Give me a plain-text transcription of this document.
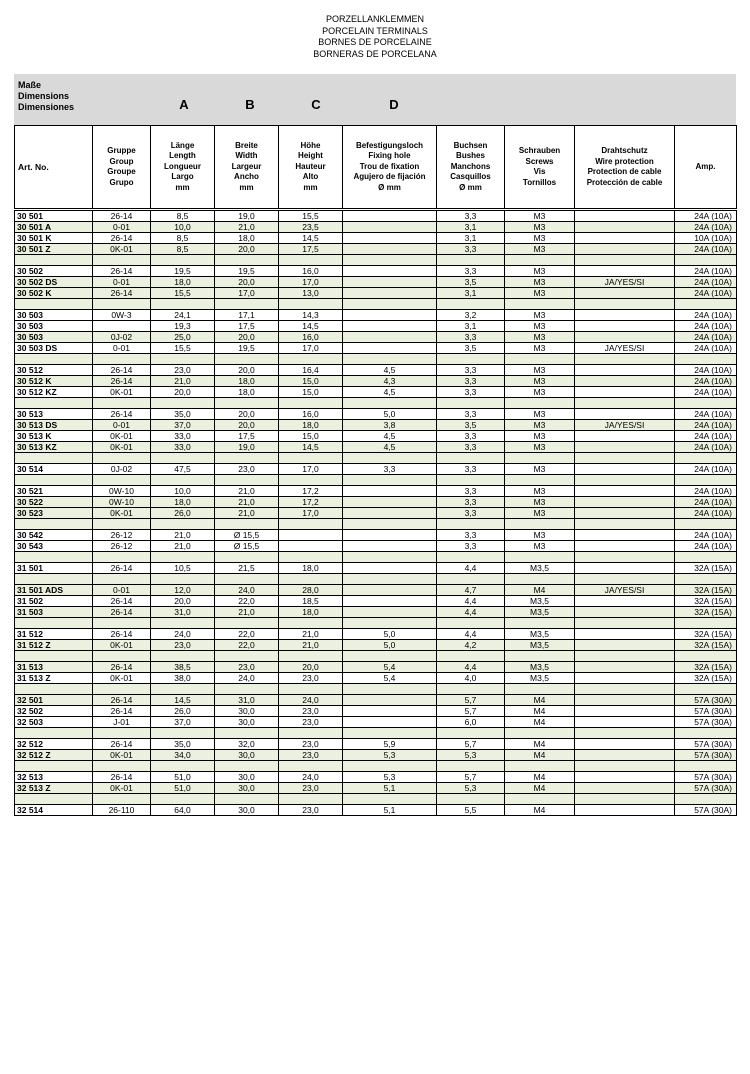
PORZELLANKLEMMEN
PORCELAIN TERMINALS
BORNES DE PORCELAINE
BORNERAS DE PORCELANA
Maße
Dimensions
Dimensiones	A	B	C	D
Art. No.	
Gruppe
Group
Groupe
Grupo

Länge
Length
Longueur
Largo
mm

Breite
Width
Largeur
Ancho
mm

Höhe
Height
Hauteur
Alto
mm

Befestigungsloch
Fixing hole
Trou de fixation
Agujero de fijación
Ø mm

Buchsen
Bushes
Manchons
Casquillos
Ø mm

Schrauben
Screws
Vis
Tornillos

Drahtschutz
Wire protection
Protection de cable
Protección de cable
	Amp.
30 501	26-14	8,5	19,0	15,5		3,3	M3		24A (10A)
30 501 A	0-01	10,0	21,0	23,5		3,1	M3		24A (10A)
30 501 K	26-14	8,5	18,0	14,5		3,1	M3		10A (10A)
30 501 Z	0K-01	8,5	20,0	17,5		3,3	M3		24A (10A)

30 502	26-14	19,5	19,5	16,0		3,3	M3		24A (10A)
30 502 DS	0-01	18,0	20,0	17,0		3,5	M3	JA/YES/SI	24A (10A)
30 502 K	26-14	15,5	17,0	13,0		3,1	M3		24A (10A)

30 503	0W-3	24,1	17,1	14,3		3,2	M3		24A (10A)
30 503		19,3	17,5	14,5		3,1	M3		24A (10A)
30 503	0J-02	25,0	20,0	16,0		3,3	M3		24A (10A)
30 503 DS	0-01	15,5	19,5	17,0		3,5	M3	JA/YES/SI	24A (10A)

30 512	26-14	23,0	20,0	16,4	4,5	3,3	M3		24A (10A)
30 512 K	26-14	21,0	18,0	15,0	4,3	3,3	M3		24A (10A)
30 512 KZ	0K-01	20,0	18,0	15,0	4,5	3,3	M3		24A (10A)

30 513	26-14	35,0	20,0	16,0	5,0	3,3	M3		24A (10A)
30 513 DS	0-01	37,0	20,0	18,0	3,8	3,5	M3	JA/YES/SI	24A (10A)
30 513 K	0K-01	33,0	17,5	15,0	4,5	3,3	M3		24A (10A)
30 513 KZ	0K-01	33,0	19,0	14,5	4,5	3,3	M3		24A (10A)

30 514	0J-02	47,5	23,0	17,0	3,3	3,3	M3		24A (10A)

30 521	0W-10	10,0	21,0	17,2		3,3	M3		24A (10A)
30 522	0W-10	18,0	21,0	17,2		3,3	M3		24A (10A)
30 523	0K-01	26,0	21,0	17,0		3,3	M3		24A (10A)

30 542	26-12	21,0	Ø 15,5			3,3	M3		24A (10A)
30 543	26-12	21,0	Ø 15,5			3,3	M3		24A (10A)

31 501	26-14	10,5	21,5	18,0		4,4	M3,5		32A (15A)

31 501 ADS	0-01	12,0	24,0	28,0		4,7	M4	JA/YES/SI	32A (15A)
31 502	26-14	20,0	22,0	18,5		4,4	M3,5		32A (15A)
31 503	26-14	31,0	21,0	18,0		4,4	M3,5		32A (15A)

31 512	26-14	24,0	22,0	21,0	5,0	4,4	M3,5		32A (15A)
31 512 Z	0K-01	23,0	22,0	21,0	5,0	4,2	M3,5		32A (15A)

31 513	26-14	38,5	23,0	20,0	5,4	4,4	M3,5		32A (15A)
31 513 Z	0K-01	38,0	24,0	23,0	5,4	4,0	M3,5		32A (15A)

32 501	26-14	14,5	31,0	24,0		5,7	M4		57A (30A)
32 502	26-14	26,0	30,0	23,0		5,7	M4		57A (30A)
32 503	J-01	37,0	30,0	23,0		6,0	M4		57A (30A)

32 512	26-14	35,0	32,0	23,0	5,9	5,7	M4		57A (30A)
32 512 Z	0K-01	34,0	30,0	23,0	5,3	5,3	M4		57A (30A)

32 513	26-14	51,0	30,0	24,0	5,3	5,7	M4		57A (30A)
32 513 Z	0K-01	51,0	30,0	23,0	5,1	5,3	M4		57A (30A)

32 514	26-110	64,0	30,0	23,0	5,1	5,5	M4		57A (30A)
